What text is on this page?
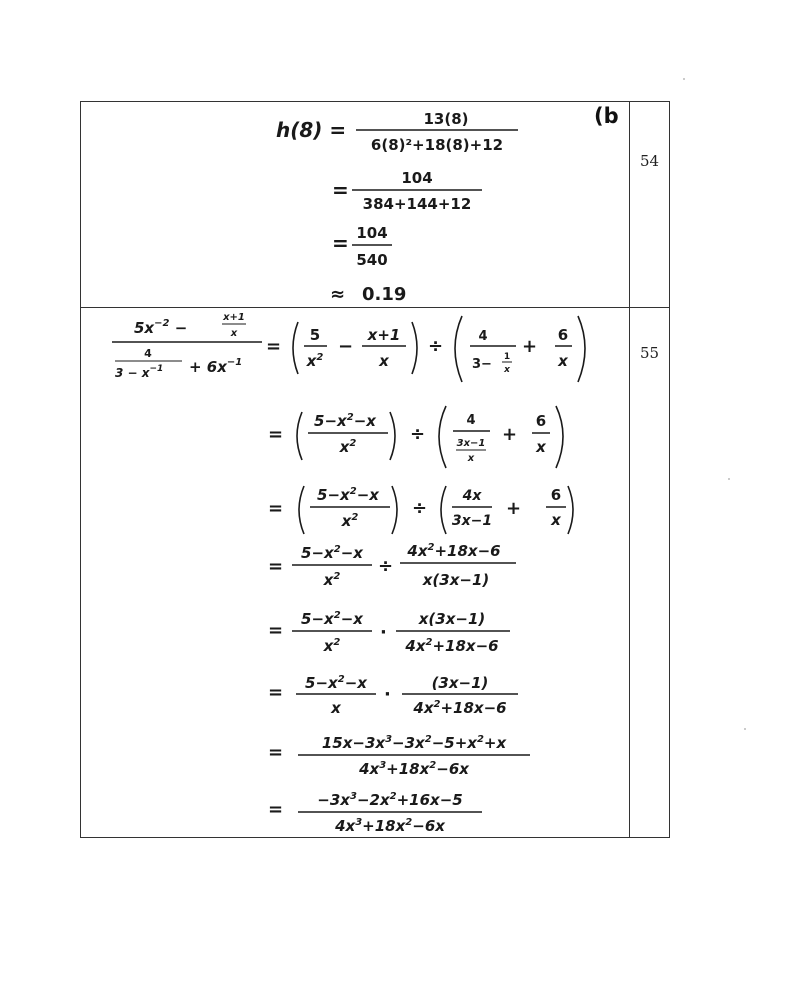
54
55
(b
h(8) =	13(8)
6(8)²+18(8)+12
=	104
384+144+12
= 104
540
≈ 0.19
$5x^{-2}$ −
x+1
x
4
$3 - x^{-1} + 6x^{-1}$
=
5
$x^2$
−
x+1
x
÷	4
3− 1
x
+
6
x
=
$5-x^2-x$
$x^2$	÷
4
3x−1
x
+
6
x
=
$5-x^2-x$
$x^2$	÷
4x
3x−1
+
6
x
=
$5-x^2-x$
$x^2$ ÷
$4x^2+18x-6$
x(3x−1)
=
$5-x^2-x$
$x^2$ ·
x(3x−1)
$4x^2+18x-6$
= $5-x^2-x$
x
·
(3x−1)
$4x^2+18x-6$
=	$15x-3x^3-3x^2-5+x^2+x$
$4x^3+18x^2-6x$
= $-3x^3-2x^2+16x-5$
$4x^3+18x^2-6x$
